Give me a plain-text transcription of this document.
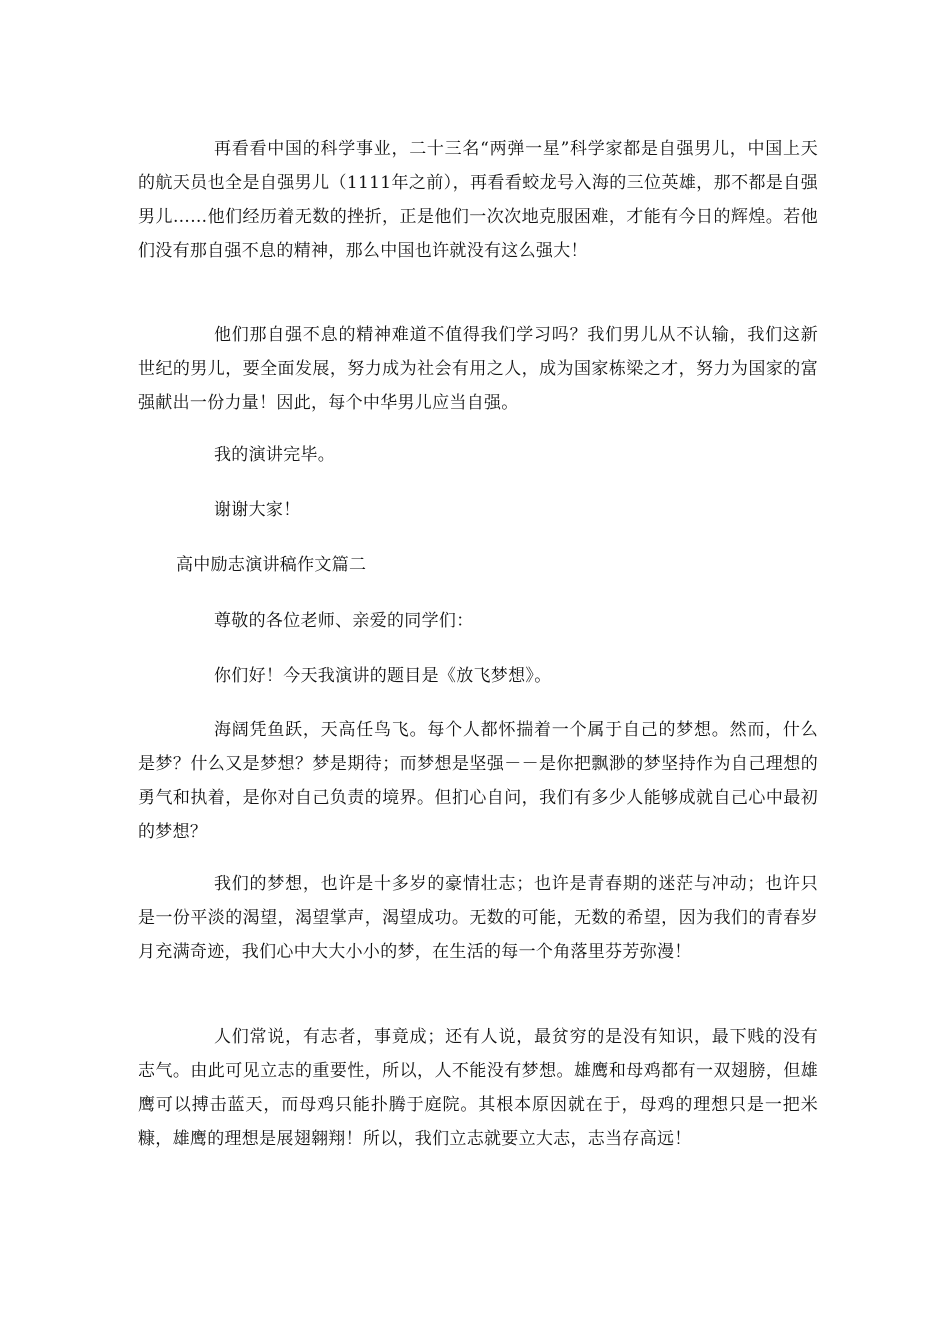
再看看中国的科学事业，二十三名“两弹一星”科学家都是自强男儿，中国上天的航天员也全是自强男儿（1111年之前），再看看蛟龙号入海的三位英雄，那不都是自强男儿……他们经历着无数的挫折，正是他们一次次地克服困难，才能有今日的辉煌。若他们没有那自强不息的精神，那么中国也许就没有这么强大！

他们那自强不息的精神难道不值得我们学习吗？我们男儿从不认输，我们这新世纪的男儿，要全面发展，努力成为社会有用之人，成为国家栋梁之才，努力为国家的富强献出一份力量！因此，每个中华男儿应当自强。

我的演讲完毕。

谢谢大家！

高中励志演讲稿作文篇二

尊敬的各位老师、亲爱的同学们：

你们好！今天我演讲的题目是《放飞梦想》。

海阔凭鱼跃，天高任鸟飞。每个人都怀揣着一个属于自己的梦想。然而，什么是梦？什么又是梦想？梦是期待；而梦想是坚强－－是你把飘渺的梦坚持作为自己理想的勇气和执着，是你对自己负责的境界。但扪心自问，我们有多少人能够成就自己心中最初的梦想？

我们的梦想，也许是十多岁的豪情壮志；也许是青春期的迷茫与冲动；也许只是一份平淡的渴望，渴望掌声，渴望成功。无数的可能，无数的希望，因为我们的青春岁月充满奇迹，我们心中大大小小的梦，在生活的每一个角落里芬芳弥漫！

人们常说，有志者，事竟成；还有人说，最贫穷的是没有知识，最下贱的没有志气。由此可见立志的重要性，所以，人不能没有梦想。雄鹰和母鸡都有一双翅膀，但雄鹰可以搏击蓝天，而母鸡只能扑腾于庭院。其根本原因就在于，母鸡的理想只是一把米糠，雄鹰的理想是展翅翱翔！所以，我们立志就要立大志，志当存高远！
